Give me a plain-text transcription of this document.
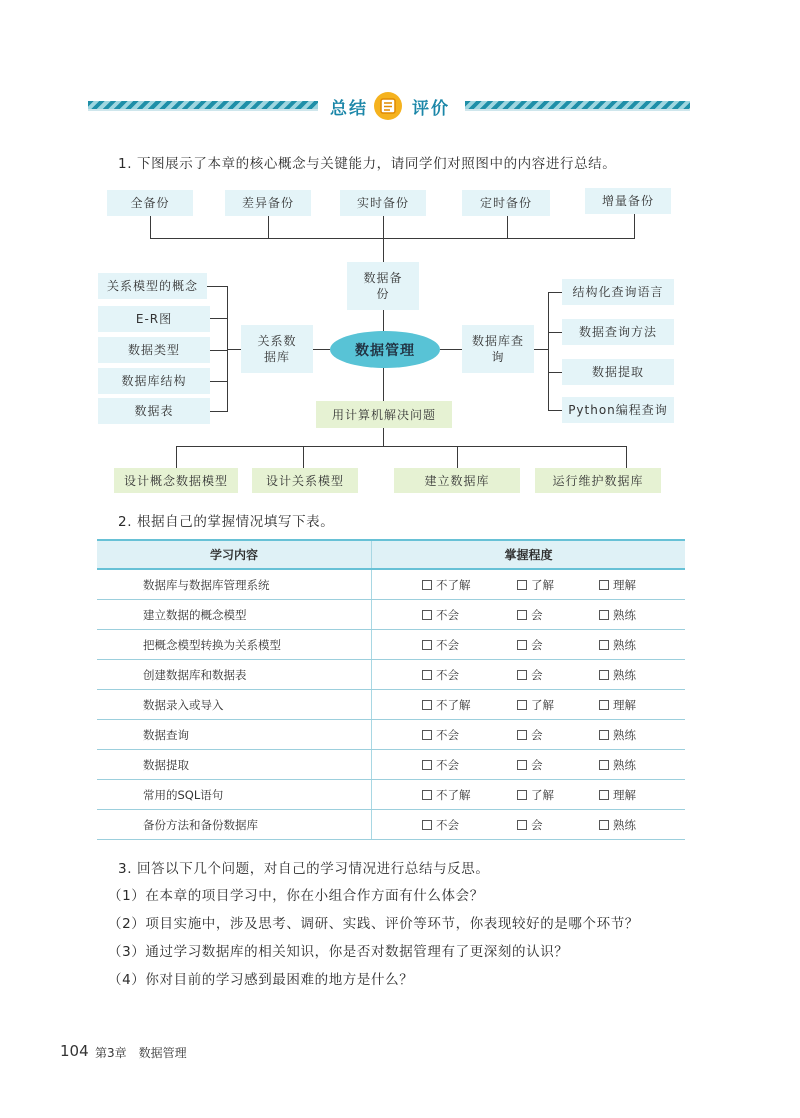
总结	评价
1. 下图展示了本章的核心概念与关键能力，请同学们对照图中的内容进行总结。
全备份	差异备份	实时备份	定时备份	增量备份
数据备份
关系模型的概念
E-R图
数据类型
数据库结构
数据表
关系数据库	数据管理
数据库查询
结构化查询语言
数据查询方法
数据提取
Python编程查询
用计算机解决问题
设计概念数据模型	设计关系模型	建立数据库	运行维护数据库
2. 根据自己的掌握情况填写下表。
学习内容	掌握程度
数据库与数据库管理系统	不了解 了解 理解

建立数据的概念模型	不会 会 熟练

把概念模型转换为关系模型	不会 会 熟练

创建数据库和数据表	不会 会 熟练

数据录入或导入	不了解 了解 理解

数据查询	不会 会 熟练

数据提取	不会 会 熟练

常用的SQL语句	不了解 了解 理解

备份方法和备份数据库	不会 会 熟练
3. 回答以下几个问题，对自己的学习情况进行总结与反思。
（1）在本章的项目学习中，你在小组合作方面有什么体会？
（2）项目实施中，涉及思考、调研、实践、评价等环节，你表现较好的是哪个环节？
（3）通过学习数据库的相关知识，你是否对数据管理有了更深刻的认识？
（4）你对目前的学习感到最困难的地方是什么？
104 第3章　数据管理
